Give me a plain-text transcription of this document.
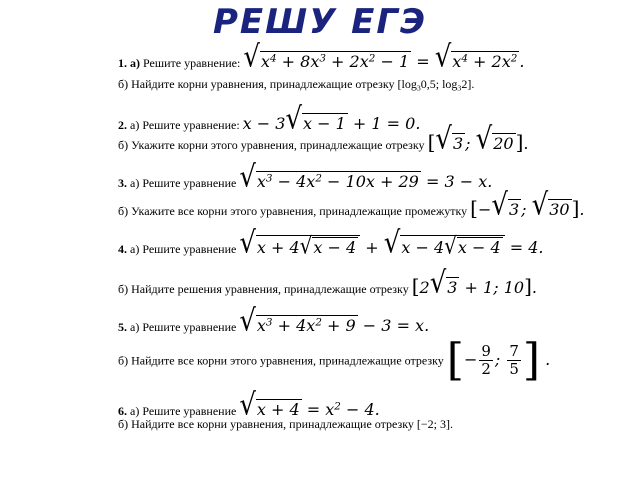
РЕШУ ЕГЭ
1. а) Решите уравнение: √ $x^4 + 8x^3 + 2x^2 - 1$ = √ $x^4 + 2x^2$ .
б) Найдите корни уравнения, принадлежащие отрезку [$\log_30,5$; $\log_32$].
2. а) Решите уравнение: x − 3 √ x − 1 + 1 = 0.
б) Укажите корни этого уравнения, принадлежащие отрезку [ √ 3 ; √ 20 ].
3. а) Решите уравнение √ $x^3 - 4x^2 - 10x + 29 = 3 - x$.
б) Укажите все корни этого уравнения, принадлежащие промежутку [− √ 3 ; √ 30 ].
4. а) Решите уравнение √ x + 4 √ x − 4 + √ x − 4 √ x − 4 = 4.
б) Найдите решения уравнения, принадлежащие отрезку [2 √ 3 + 1; 10].
5. а) Решите уравнение √ $x^3 + 4x^2 + 9 - 3 = x$.
б) Найдите все корни этого уравнения, принадлежащие отрезку [− $\frac{9}{2}$ ; $\frac{7}{5}$ ] .
6. а) Решите уравнение √ $x + 4 = x^2 - 4$.
б) Найдите все корни уравнения, принадлежащие отрезку [−2; 3].
